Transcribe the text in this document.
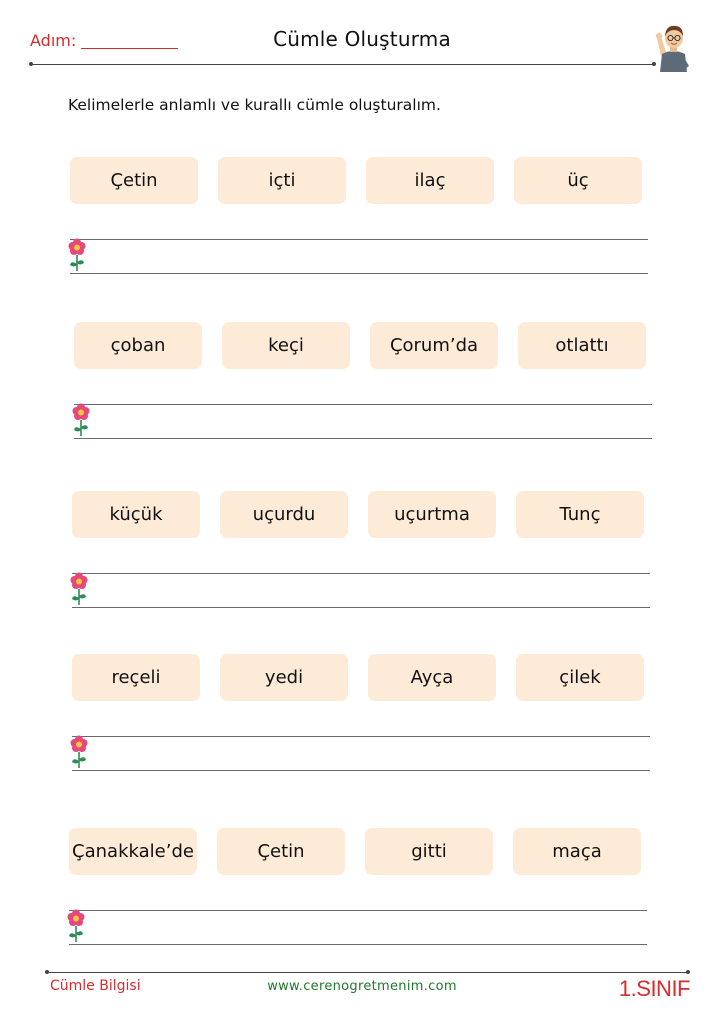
Adım:	Cümle Oluşturma
Kelimelerle anlamlı ve kurallı cümle oluşturalım.
Çetin	içti	ilaç	üç
çoban	keçi	Çorum’da	otlattı
küçük	uçurdu	uçurtma	Tunç
reçeli	yedi	Ayça	çilek
Çanakkale’de	Çetin	gitti	maça
Cümle Bilgisi	www.cerenogretmenim.com	1.SINIF
